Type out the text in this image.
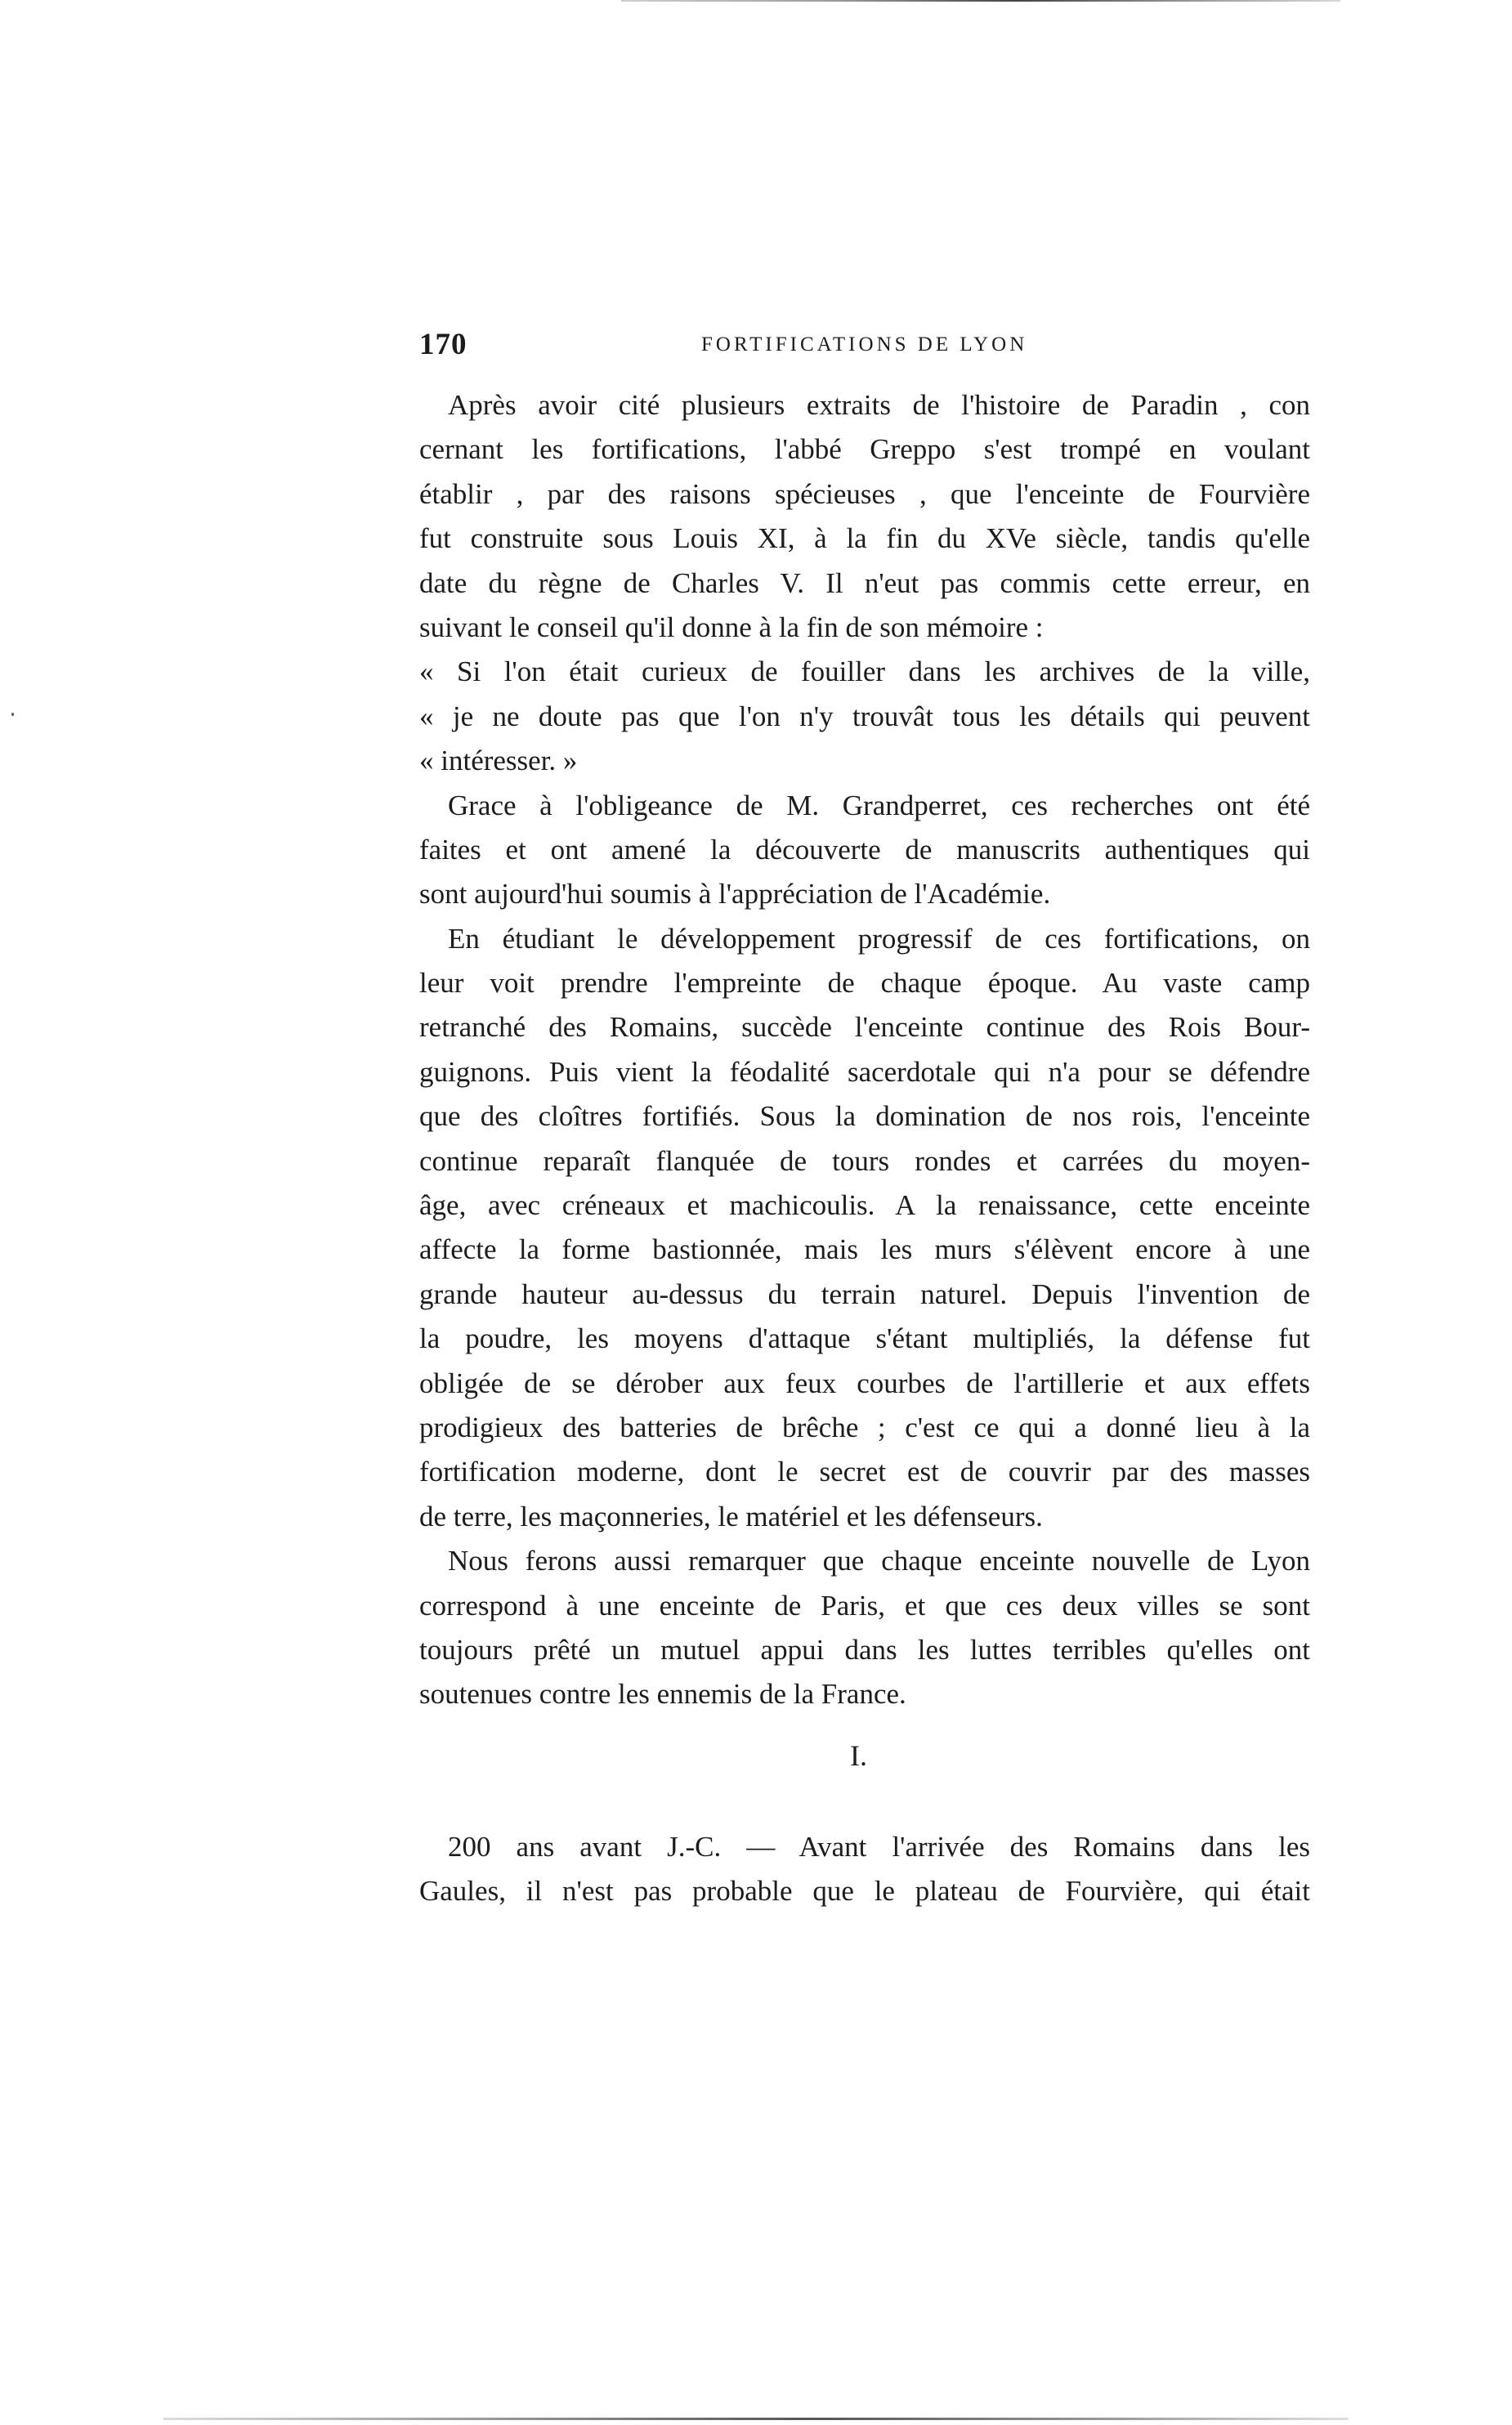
170	FORTIFICATIONS DE LYON
Après avoir cité plusieurs extraits de l'histoire de Paradin , con
cernant les fortifications, l'abbé Greppo s'est trompé en voulant
établir , par des raisons spécieuses , que l'enceinte de Fourvière
fut construite sous Louis XI, à la fin du XVe siècle, tandis qu'elle
date du règne de Charles V. Il n'eut pas commis cette erreur, en
suivant le conseil qu'il donne à la fin de son mémoire :
« Si l'on était curieux de fouiller dans les archives de la ville,
« je ne doute pas que l'on n'y trouvât tous les détails qui peuvent
« intéresser. »
Grace à l'obligeance de M. Grandperret, ces recherches ont été
faites et ont amené la découverte de manuscrits authentiques qui
sont aujourd'hui soumis à l'appréciation de l'Académie.
En étudiant le développement progressif de ces fortifications, on
leur voit prendre l'empreinte de chaque époque. Au vaste camp
retranché des Romains, succède l'enceinte continue des Rois Bour-
guignons. Puis vient la féodalité sacerdotale qui n'a pour se défendre
que des cloîtres fortifiés. Sous la domination de nos rois, l'enceinte
continue reparaît flanquée de tours rondes et carrées du moyen-
âge, avec créneaux et machicoulis. A la renaissance, cette enceinte
affecte la forme bastionnée, mais les murs s'élèvent encore à une
grande hauteur au-dessus du terrain naturel. Depuis l'invention de
la poudre, les moyens d'attaque s'étant multipliés, la défense fut
obligée de se dérober aux feux courbes de l'artillerie et aux effets
prodigieux des batteries de brêche ; c'est ce qui a donné lieu à la
fortification moderne, dont le secret est de couvrir par des masses
de terre, les maçonneries, le matériel et les défenseurs.
Nous ferons aussi remarquer que chaque enceinte nouvelle de Lyon
correspond à une enceinte de Paris, et que ces deux villes se sont
toujours prêté un mutuel appui dans les luttes terribles qu'elles ont
soutenues contre les ennemis de la France.
I.
200 ans avant J.-C. — Avant l'arrivée des Romains dans les
Gaules, il n'est pas probable que le plateau de Fourvière, qui était
